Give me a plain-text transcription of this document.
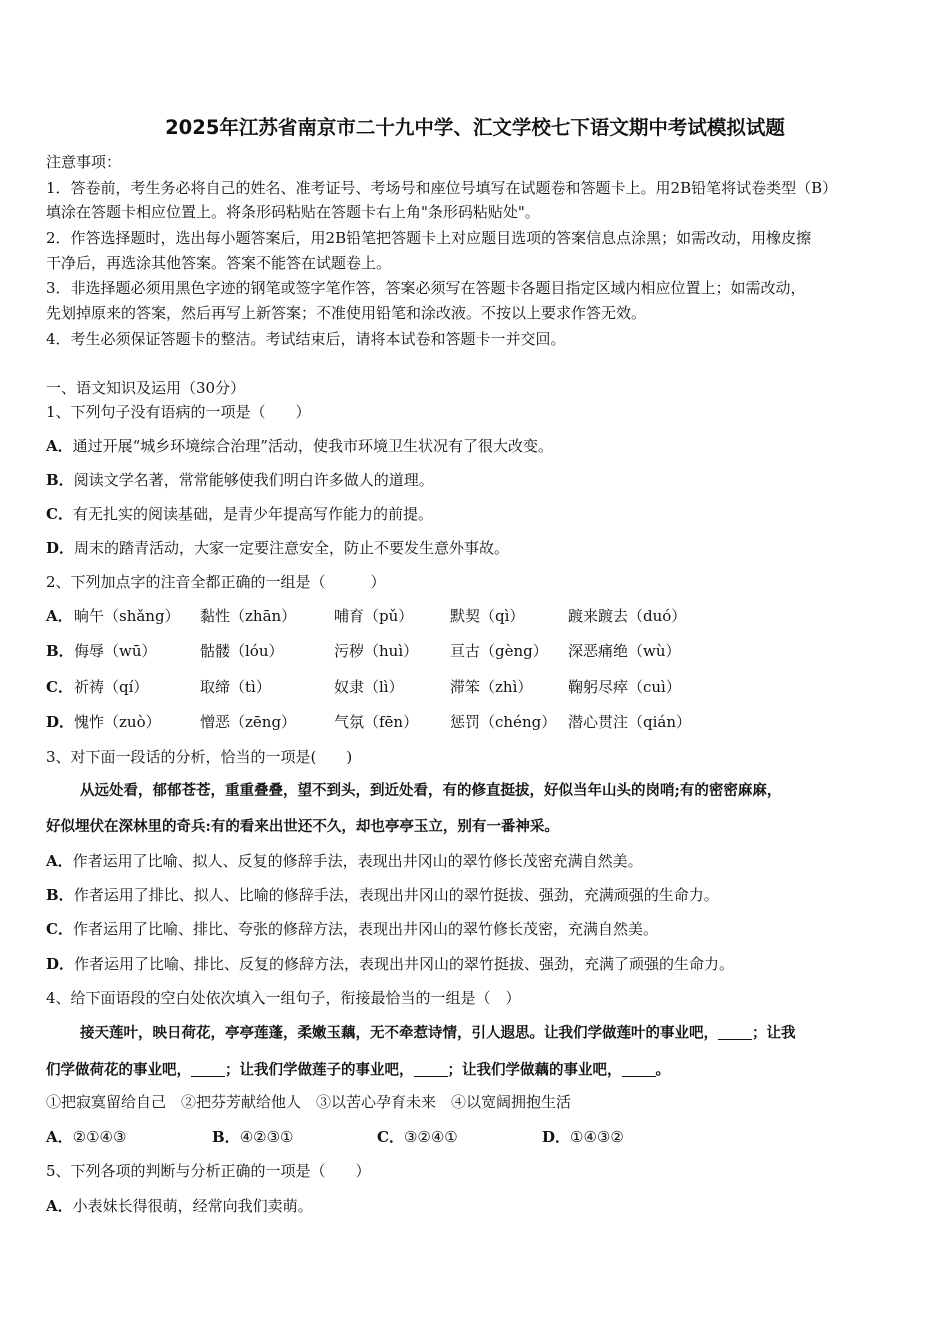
2025年江苏省南京市二十九中学、汇文学校七下语文期中考试模拟试题
注意事项：
1．答卷前，考生务必将自己的姓名、准考证号、考场号和座位号填写在试题卷和答题卡上。用2B铅笔将试卷类型（B）
填涂在答题卡相应位置上。将条形码粘贴在答题卡右上角"条形码粘贴处"。
2．作答选择题时，选出每小题答案后，用2B铅笔把答题卡上对应题目选项的答案信息点涂黑；如需改动，用橡皮擦
干净后，再选涂其他答案。答案不能答在试题卷上。
3．非选择题必须用黑色字迹的钢笔或签字笔作答，答案必须写在答题卡各题目指定区域内相应位置上；如需改动，
先划掉原来的答案，然后再写上新答案；不准使用铅笔和涂改液。不按以上要求作答无效。
4．考生必须保证答题卡的整洁。考试结束后，请将本试卷和答题卡一并交回。
一、语文知识及运用（30分）
1、下列句子没有语病的一项是（　　）
A．通过开展“城乡环境综合治理”活动，使我市环境卫生状况有了很大改变。
B．阅读文学名著，常常能够使我们明白许多做人的道理。
C．有无扎实的阅读基础，是青少年提高写作能力的前提。
D．周末的踏青活动，大家一定要注意安全，防止不要发生意外事故。
2、下列加点字的注音全都正确的一组是（　　　）
A． 晌午（shǎng） 黏性（zhān）	哺育（pǔ） 默契（qì）	踱来踱去（duó）
B． 侮辱（wū）	骷髅（lóu）	污秽（huì） 亘古（gèng） 深恶痛绝（wù）
C． 祈祷（qí）	取缔（tì）	奴隶（lì）	滞笨（zhì） 鞠躬尽瘁（cuì）
D． 愧怍（zuò）	憎恶（zēng）	气氛（fēn） 惩罚（chéng） 潜心贯注（qián）
3、对下面一段话的分析，恰当的一项是(　　)
从远处看，郁郁苍苍，重重叠叠，望不到头，到近处看，有的修直挺拔，好似当年山头的岗哨;有的密密麻麻，
好似埋伏在深林里的奇兵:有的看来出世还不久，却也亭亭玉立，别有一番神采。
A．作者运用了比喻、拟人、反复的修辞手法，表现出井冈山的翠竹修长茂密充满自然美。
B．作者运用了排比、拟人、比喻的修辞手法，表现出井冈山的翠竹挺拔、强劲，充满顽强的生命力。
C．作者运用了比喻、排比、夸张的修辞方法，表现出井冈山的翠竹修长茂密，充满自然美。
D．作者运用了比喻、排比、反复的修辞方法，表现出井冈山的翠竹挺拔、强劲，充满了顽强的生命力。
4、给下面语段的空白处依次填入一组句子，衔接最恰当的一组是（　）
接天莲叶，映日荷花，亭亭莲蓬，柔嫩玉藕，无不牵惹诗情，引人遐思。让我们学做莲叶的事业吧， ；让我
们学做荷花的事业吧， ；让我们学做莲子的事业吧， ；让我们学做藕的事业吧， 。
①把寂寞留给自己　②把芬芳献给他人　③以苦心孕育未来　④以宽阔拥抱生活
A．②①④③	B．④②③①	C．③②④①	D．①④③②
5、下列各项的判断与分析正确的一项是（　　）
A．小表妹长得很萌，经常向我们卖萌。
